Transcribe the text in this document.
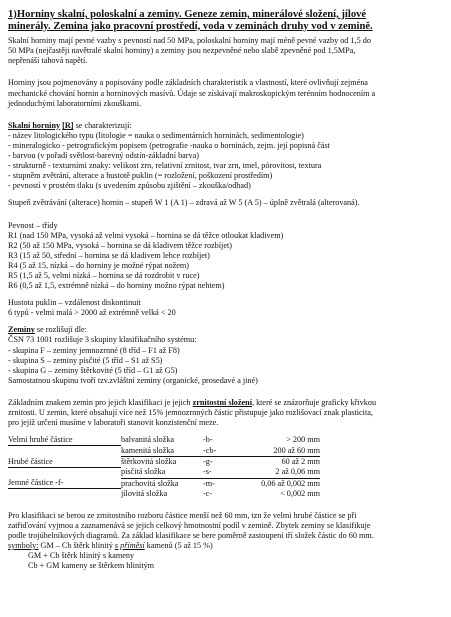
1)Horniny skalní, poloskalní a zeminy. Geneze zemin, minerálové složení, jílové
minerály. Zemina jako pracovní prostředí, voda v zeminách druhy vod v zemině.
Skalní horniny mají pevné vazby s pevností nad 50 MPa, poloskalní horniny mají méně pevné vazby od 1,5 do
50 MPa (nejčastěji navětralé skalní horniny) a zeminy jsou nezpevněné nebo slabě zpevněné pod 1,5MPa,
nepřenáší tahová napětí.
Horniny jsou pojmenovány a popisovány podle základních charakteristik a vlastností, které ovlivňují zejména
mechanické chování hornin a horninových masívů. Údaje se získávají makroskopickým terénním hodnocením a
jednoduchými laboratorními zkouškami.
Skalní horniny [R] se charakterizují:
- název litologického typu (litologie = nauka o sedimentárních horninách, sedimentologie)
- mineralogicko - petrografickým popisem (petrografie -nauka o horninách, zejm. její popisná část
- barvou (v pořadí světlost-barevný odstín-základní barva)
- strukturně - texturními znaky: velikost zrn, relativní zrnitost, tvar zrn, tmel, pórovitost, textura
- stupněm zvětrání, alterace a hustotě puklin (= rozložení, poškození prostředím)
- pevností v prostém tlaku (s uvedením způsobu zjištění – zkouška/odhad)
Stupeň zvětrávání (alterace) hornin – stupeň W 1 (A 1) – zdravá až W 5 (A 5) – úplně zvětralá (alterovaná).
Pevnost – třídy
R1 (nad 150 MPa, vysoká až velmi vysoká – hornina se dá těžce otloukat kladivem)
R2 (50 až 150 MPa, vysoká – hornina se dá kladivem těžce rozbíjet)
R3 (15 až 50, střední – hornina se dá kladivem lehce rozbíjet)
R4 (5 až 15, nízká – do horniny je možné rýpat nožem)
R5 (1,5 až 5, velmi nízká – hornina se dá rozdrobit v ruce)
R6 (0,5 až 1,5, extrémně nízká – do horniny možno rýpat nehtem)
Hustota puklin – vzdálenost diskontinuit
6 typů - velmi malá > 2000 až extrémně velká < 20
Zeminy se rozlišují dle:
ČSN 73 1001 rozlišuje 3 skupiny klasifikačního systému:
- skupina F – zeminy jemnozrnné (8 tříd – F1 až F8)
- skupina S – zeminy písčité (5 tříd – S1 až S5)
- skupina G – zeminy štěrkovité (5 tříd – G1 až G5)
Samostatnou skupinu tvoří tzv.zvláštní zeminy (organické, prosedavé a jiné)
Základním znakem zemin pro jejich klasifikaci je jejich zrnitostní složení, které se znázorňuje graficky křivkou
zrnitosti. U zemin, které obsahují více než 15% jemnozrnných částic přistupuje jako rozlišovací znak plasticita,
pro jejíž určení musíme v laboratoři stanovit konzistenční meze.
Velmi hrubé částice	balvanitá složka	-b-	> 200 mm
	kamenitá složka	-cb-	200 až 60 mm
Hrubé částice	štěrkovitá složka	-g-	60 až 2 mm
	písčitá složka	-s-	2 až 0,06 mm
Jemné částice -f-	prachovitá složka	-m-	0,06 až 0,002 mm
	jílovitá složka	-c-	< 0,002 mm
Pro klasifikaci se berou ze zrnitostního rozboru částice menší než 60 mm, tzn že velmi hrubé částice se při
zatřiďování vyjmou a zaznamenává se jejich celkový hmotnostní podíl v zemině. Zbytek zeminy se klasifikuje
podle trojúhelníkových diagramů. Za základ klasifikace se bere poměrně zastoupení tří složek částic do 60 mm.
symboly: GM – Cb štěrk hlinitý s příměsí kamenů (5 až 15 %)
GM + Cb štěrk hlinitý s kameny
Cb + GM kameny se štěrkem hlinitým
